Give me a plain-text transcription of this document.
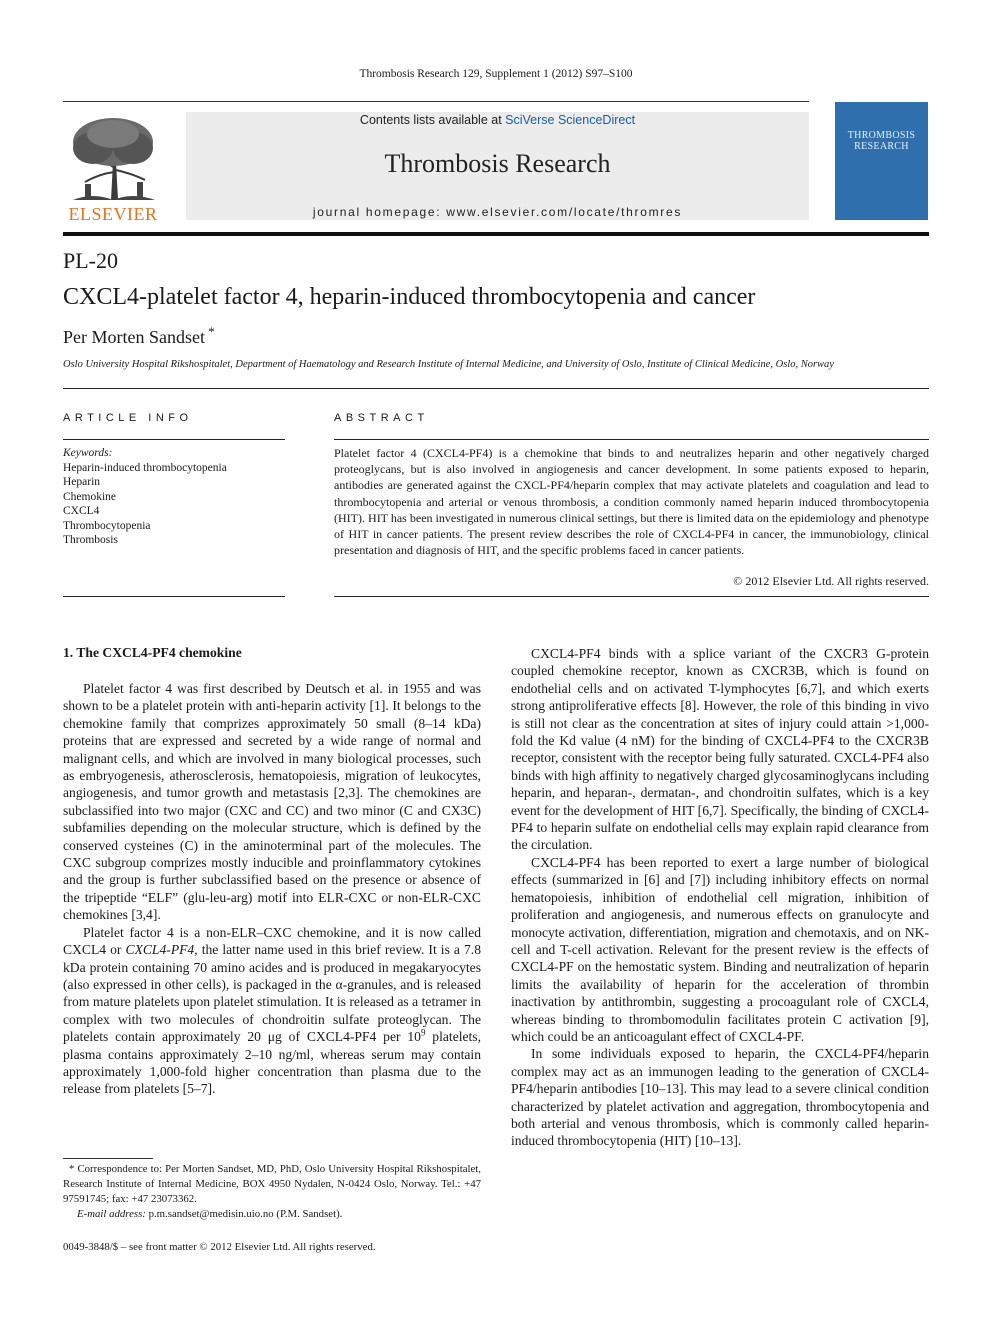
Thrombosis Research 129, Supplement 1 (2012) S97–S100
ELSEVIER
Contents lists available at SciVerse ScienceDirect
Thrombosis Research
journal homepage: www.elsevier.com/locate/thromres
THROMBOSIS
RESEARCH
PL-20
CXCL4-platelet factor 4, heparin-induced thrombocytopenia and cancer
Per Morten Sandset *
Oslo University Hospital Rikshospitalet, Department of Haematology and Research Institute of Internal Medicine, and University of Oslo, Institute of Clinical Medicine, Oslo, Norway
ARTICLE INFO	ABSTRACT
Keywords:
Heparin-induced thrombocytopenia
Heparin
Chemokine
CXCL4
Thrombocytopenia
Thrombosis
Platelet factor 4 (CXCL4-PF4) is a chemokine that binds to and neutralizes heparin and other negatively charged proteoglycans, but is also involved in angiogenesis and cancer development. In some patients exposed to heparin, antibodies are generated against the CXCL-PF4/heparin complex that may activate platelets and coagulation and lead to thrombocytopenia and arterial or venous thrombosis, a condition commonly named heparin induced thrombocytopenia (HIT). HIT has been investigated in numerous clinical settings, but there is limited data on the epidemiology and phenotype of HIT in cancer patients. The present review describes the role of CXCL4-PF4 in cancer, the immunobiology, clinical presentation and diagnosis of HIT, and the specific problems faced in cancer patients.
© 2012 Elsevier Ltd. All rights reserved.
1. The CXCL4-PF4 chemokine

Platelet factor 4 was first described by Deutsch et al. in 1955 and was shown to be a platelet protein with anti-heparin activity [1]. It belongs to the chemokine family that comprizes approximately 50 small (8–14 kDa) proteins that are expressed and secreted by a wide range of normal and malignant cells, and which are involved in many biological processes, such as embryogenesis, atherosclerosis, hematopoiesis, migration of leukocytes, angiogenesis, and tumor growth and metastasis [2,3]. The chemokines are subclassified into two major (CXC and CC) and two minor (C and CX3C) subfamilies depending on the molecular structure, which is defined by the conserved cysteines (C) in the aminoterminal part of the molecules. The CXC subgroup comprizes mostly inducible and proinflammatory cytokines and the group is further subclassified based on the presence or absence of the tripeptide “ELF” (glu-leu-arg) motif into ELR-CXC or non-ELR-CXC chemokines [3,4].

Platelet factor 4 is a non-ELR–CXC chemokine, and it is now called CXCL4 or CXCL4-PF4, the latter name used in this brief review. It is a 7.8 kDa protein containing 70 amino acides and is produced in megakaryocytes (also expressed in other cells), is packaged in the α-granules, and is released from mature platelets upon platelet stimulation. It is released as a tetramer in complex with two molecules of chondroitin sulfate proteoglycan. The platelets contain approximately 20 μg of CXCL4-PF4 per $10^9$ platelets, plasma contains approximately 2–10 ng/ml, whereas serum may contain approximately 1,000-fold higher concentration than plasma due to the release from platelets [5–7].

CXCL4-PF4 binds with a splice variant of the CXCR3 G-protein coupled chemokine receptor, known as CXCR3B, which is found on endothelial cells and on activated T-lymphocytes [6,7], and which exerts strong antiproliferative effects [8]. However, the role of this binding in vivo is still not clear as the concentration at sites of injury could attain >1,000-fold the Kd value (4 nM) for the binding of CXCL4-PF4 to the CXCR3B receptor, consistent with the receptor being fully saturated. CXCL4-PF4 also binds with high affinity to negatively charged glycosaminoglycans including heparin, and heparan-, dermatan-, and chondroitin sulfates, which is a key event for the development of HIT [6,7]. Specifically, the binding of CXCL4-PF4 to heparin sulfate on endothelial cells may explain rapid clearance from the circulation.

CXCL4-PF4 has been reported to exert a large number of biological effects (summarized in [6] and [7]) including inhibitory effects on normal hematopoiesis, inhibition of endothelial cell migration, inhibition of proliferation and angiogenesis, and numerous effects on granulocyte and monocyte activation, differentiation, migration and chemotaxis, and on NK-cell and T-cell activation. Relevant for the present review is the effects of CXCL4-PF on the hemostatic system. Binding and neutralization of heparin limits the availability of heparin for the acceleration of thrombin inactivation by antithrombin, suggesting a procoagulant role of CXCL4, whereas binding to thrombomodulin facilitates protein C activation [9], which could be an anticoagulant effect of CXCL4-PF.

In some individuals exposed to heparin, the CXCL4-PF4/heparin complex may act as an immunogen leading to the generation of CXCL4-PF4/heparin antibodies [10–13]. This may lead to a severe clinical condition characterized by platelet activation and aggregation, thrombocytopenia and both arterial and venous thrombosis, which is commonly called heparin-induced thrombocytopenia (HIT) [10–13].

* Correspondence to: Per Morten Sandset, MD, PhD, Oslo University Hospital Rikshospitalet, Research Institute of Internal Medicine, BOX 4950 Nydalen, N-0424 Oslo, Norway. Tel.: +47 97591745; fax: +47 23073362.

E-mail address: p.m.sandset@medisin.uio.no (P.M. Sandset).

0049-3848/$ – see front matter © 2012 Elsevier Ltd. All rights reserved.
